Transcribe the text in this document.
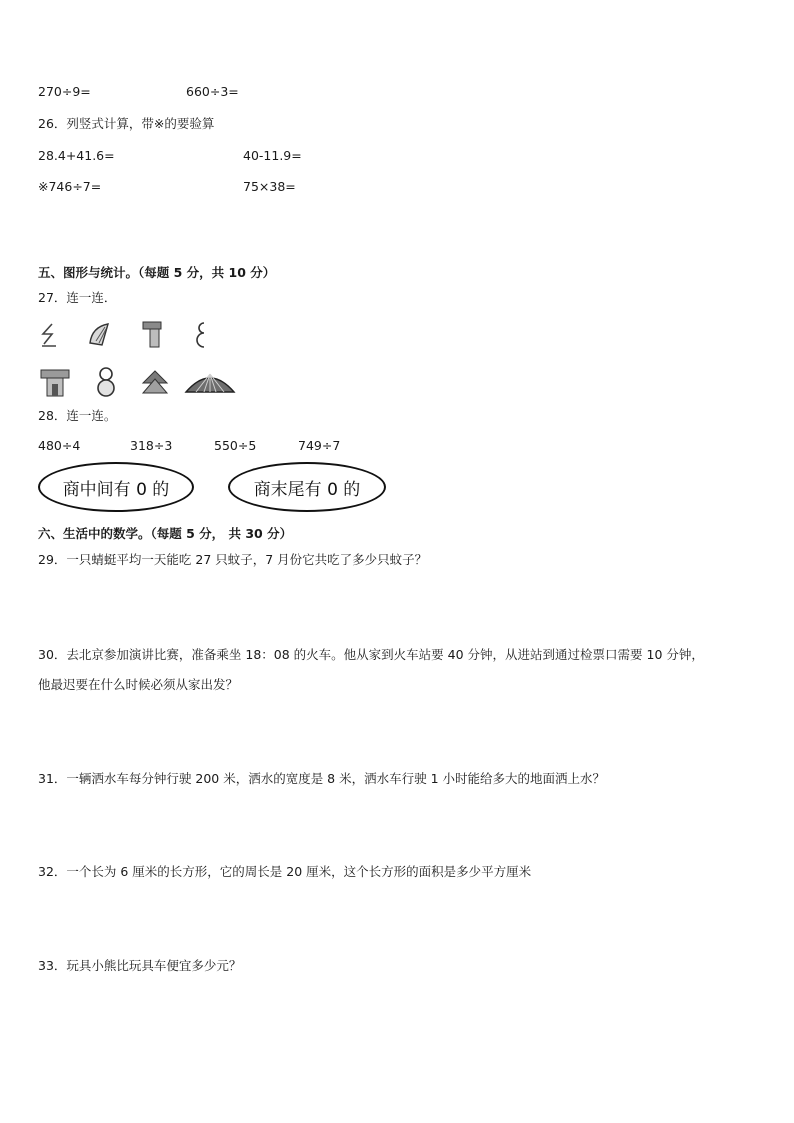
270÷9=	660÷3=
26．列竖式计算，带※的要验算
28.4+41.6=	40-11.9=
※746÷7=	75×38=
五、图形与统计。（每题 5 分，共 10 分）
27．连一连．
28．连一连。
480÷4	318÷3	550÷5	749÷7
商中间有 0 的	商末尾有 0 的
六、生活中的数学。（每题 5 分， 共 30 分）
29．一只蜻蜓平均一天能吃 27 只蚊子，7 月份它共吃了多少只蚊子？
30．去北京参加演讲比赛，准备乘坐 18：08 的火车。他从家到火车站要 40 分钟，从进站到通过检票口需要 10 分钟，
他最迟要在什么时候必须从家出发？
31．一辆洒水车每分钟行驶 200 米，洒水的宽度是 8 米，洒水车行驶 1 小时能给多大的地面洒上水？
32．一个长为 6 厘米的长方形，它的周长是 20 厘米，这个长方形的面积是多少平方厘米
33．玩具小熊比玩具车便宜多少元？
